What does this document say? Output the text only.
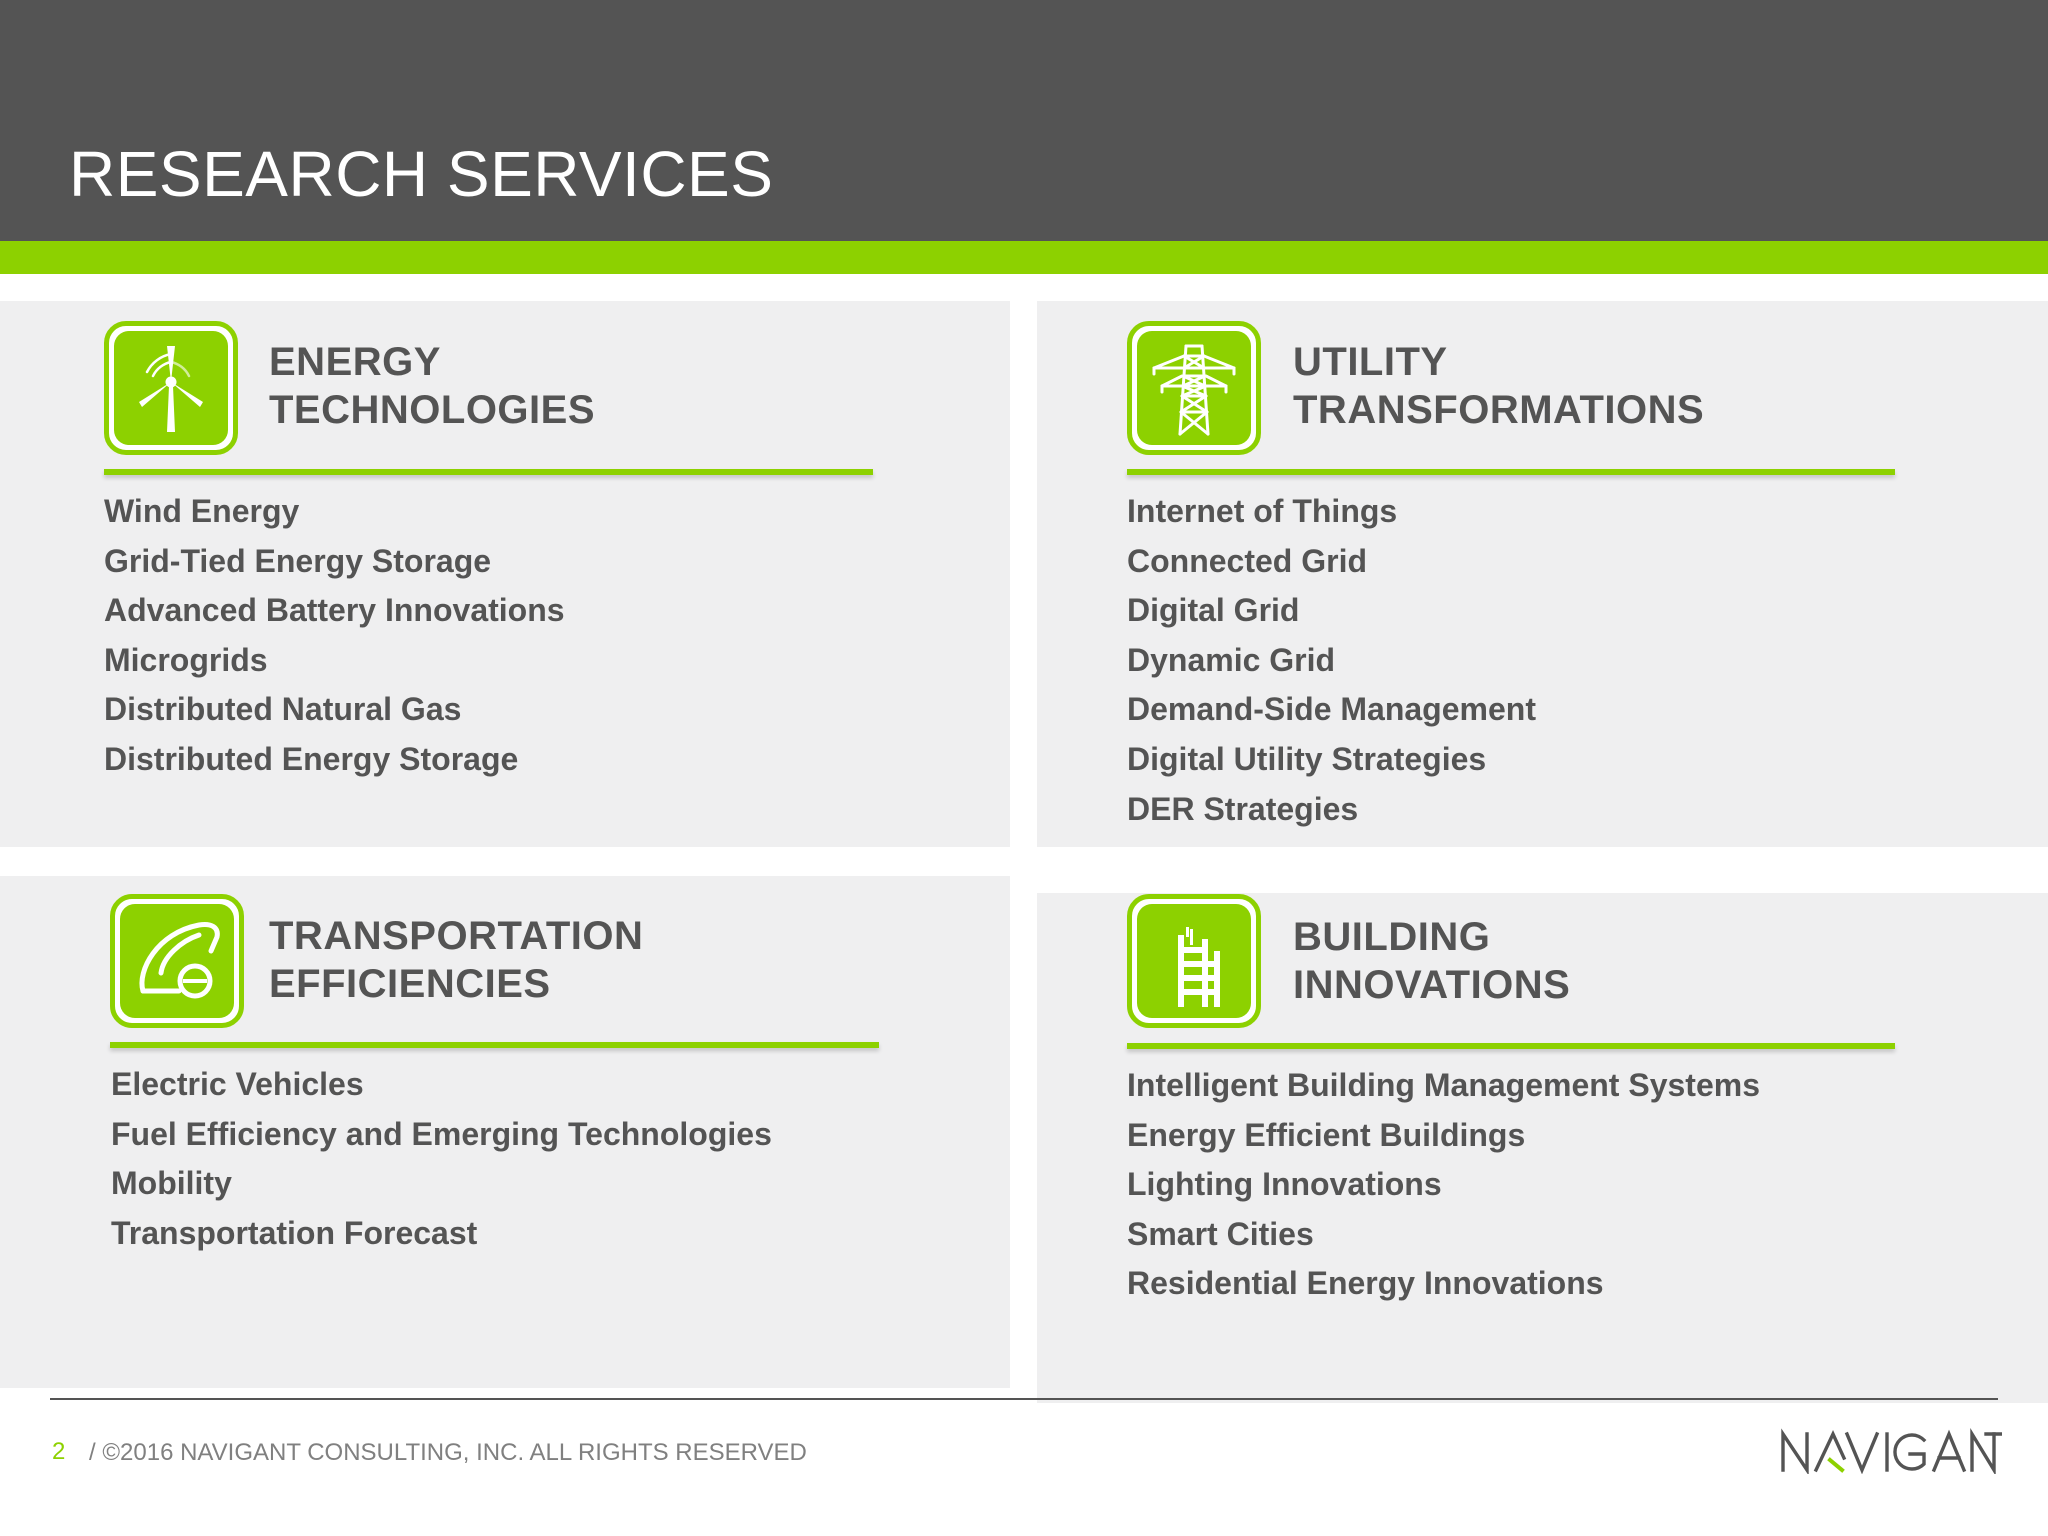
RESEARCH SERVICES
ENERGY
TECHNOLOGIES
Wind Energy
Grid-Tied Energy Storage
Advanced Battery Innovations
Microgrids
Distributed Natural Gas
Distributed Energy Storage
UTILITY
TRANSFORMATIONS
Internet of Things
Connected Grid
Digital Grid
Dynamic Grid
Demand-Side Management
Digital Utility Strategies
DER Strategies
TRANSPORTATION
EFFICIENCIES
Electric Vehicles
Fuel Efficiency and Emerging Technologies
Mobility
Transportation Forecast
BUILDING
INNOVATIONS
Intelligent Building Management Systems
Energy Efficient Buildings
Lighting Innovations
Smart Cities
Residential Energy Innovations
2 / ©2016 NAVIGANT CONSULTING, INC. ALL RIGHTS RESERVED
